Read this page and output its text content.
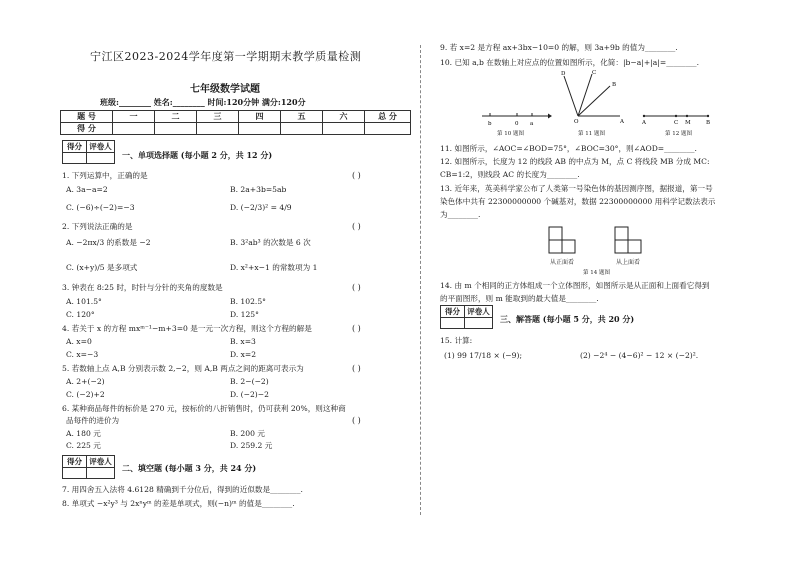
宁江区2023-2024学年度第一学期期末教学质量检测
七年级数学试题
班级:________ 姓名:________ 时间:120分钟 满分:120分
题 号	一	二	三	四	五	六	总 分
得 分							
得分	评卷人

一、单项选择题 (每小题 2 分，共 12 分)
1. 下列运算中，正确的是	( )
A. 3a−a=2	B. 2a+3b=5ab
C. (−6)÷(−2)=−3	D. (−2/3)² = 4/9
2. 下列说法正确的是	( )
A. −2πx/3 的系数是 −2	B. 3²ab³ 的次数是 6 次
C. (x+y)/5 是多项式	D. x²+x−1 的常数项为 1
3. 钟表在 8:25 时，时针与分针的夹角的度数是	( )
A. 101.5°	B. 102.5°
C. 120°	D. 125°
4. 若关于 x 的方程 mxᵐ⁻¹−m+3=0 是一元一次方程，则这个方程的解是	( )
A. x=0	B. x=3
C. x=−3	D. x=2
5. 若数轴上点 A,B 分别表示数 2,−2，则 A,B 两点之间的距离可表示为	( )
A. 2+(−2)	B. 2−(−2)
C. (−2)+2	D. (−2)−2
6. 某种商品每件的标价是 270 元，按标价的八折销售时，仍可获利 20%，则这种商
品每件的进价为	( )
A. 180 元	B. 200 元
C. 225 元	D. 259.2 元
得分	评卷人

二、填空题 (每小题 3 分，共 24 分)
7. 用四舍五入法将 4.6128 精确到千分位后，得到的近似数是________.
8. 单项式 −x²y³ 与 2xⁿyᵐ 的差是单项式，则(−n)ᵐ 的值是________.
9. 若 x=2 是方程 ax+3bx−10=0 的解，则 3a+9b 的值为________.
10. 已知 a,b 在数轴上对应点的位置如图所示，化简：|b−a|+|a|=________.
b	0 a
第 10 题图
D	C
B
O	A
第 11 题图
A	C M	B
第 12 题图
11. 如图所示，∠AOC=∠BOD=75°，∠BOC=30°，则∠AOD=________.
12. 如图所示，长度为 12 的线段 AB 的中点为 M，点 C 将线段 MB 分成 MC:
CB=1:2，则线段 AC 的长度为________.
13. 近年来，英美科学家公布了人类第一号染色体的基因测序图，据报道，第一号
染色体中共有 22300000000 个碱基对，数据 22300000000 用科学记数法表示
为________.
从正面看	从上面看
第 14 题图
14. 由 m 个相同的正方体组成一个立体图形，如图所示是从正面和上面看它得到
的平面图形，则 m 能取到的最大值是________.
得分	评卷人

三、解答题 (每小题 5 分，共 20 分)
15. 计算:
(1) 99 17/18 × (−9);	(2) −2⁴ − (4−6)² − 12 × (−2)².
